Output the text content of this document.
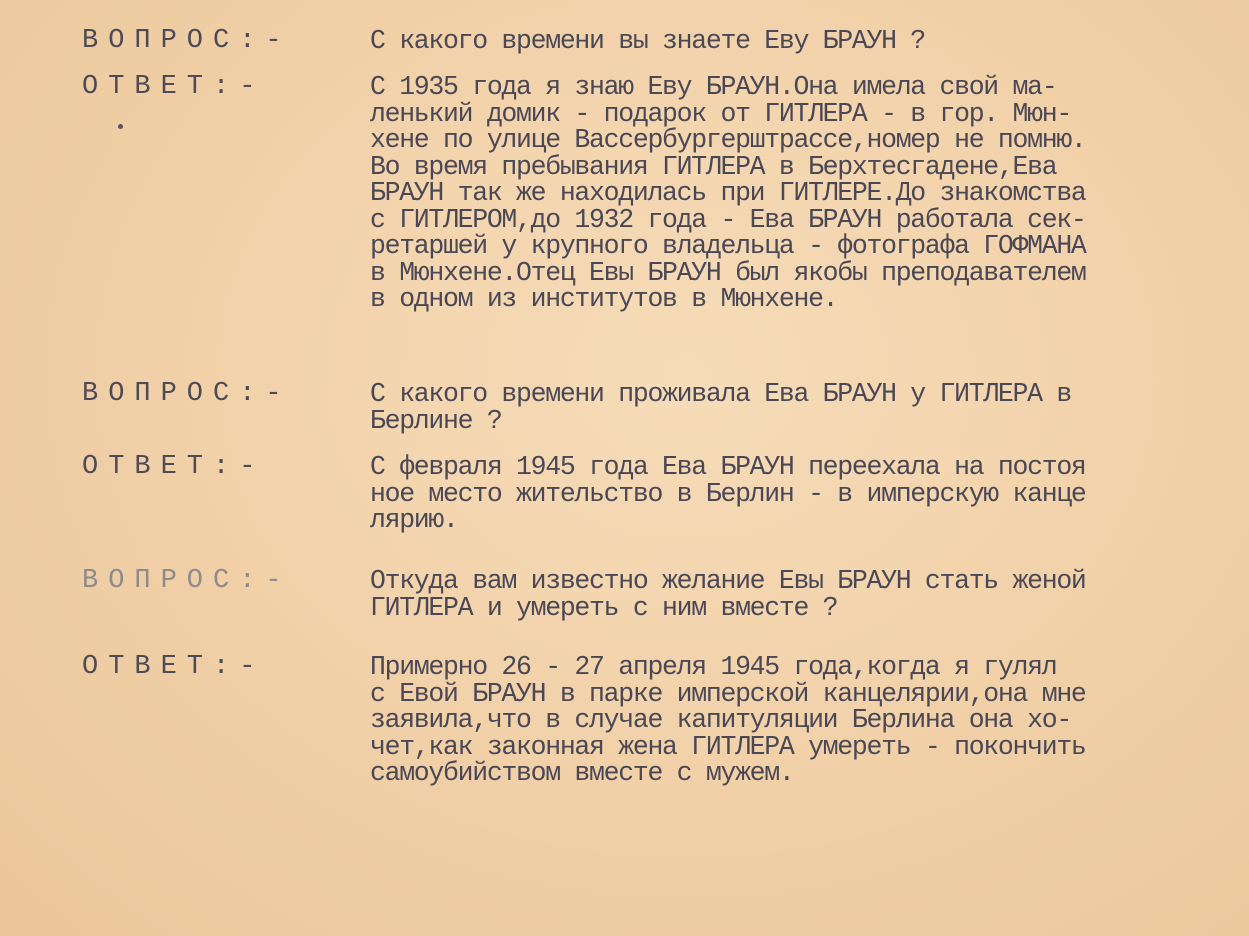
ВОПРОС:-	С какого времени вы знаете Еву БРАУН ?
ОТВЕТ:-	С 1935 года я знаю Еву БРАУН.Она имела свой ма-
ленький домик - подарок от ГИТЛЕРА - в гор. Мюн-
хене по улице Вассербургерштрассе,номер не помню.
Во время пребывания ГИТЛЕРА в Берхтесгадене,Ева
БРАУН так же находилась при ГИТЛЕРЕ.До знакомства
с ГИТЛЕРОМ,до 1932 года - Ева БРАУН работала сек-
ретаршей у крупного владельца - фотографа ГОФМАНА
в Мюнхене.Отец Евы БРАУН был якобы преподавателем
в одном из институтов в Мюнхене.
ВОПРОС:-	С какого времени проживала Ева БРАУН у ГИТЛЕРА в
Берлине ?
ОТВЕТ:-	С февраля 1945 года Ева БРАУН переехала на постоя
ное место жительство в Берлин - в имперскую канце
лярию.
ВОПРОС:-	Откуда вам известно желание Евы БРАУН стать женой
ГИТЛЕРА и умереть с ним вместе ?
ОТВЕТ:-	Примерно 26 - 27 апреля 1945 года,когда я гулял
с Евой БРАУН в парке имперской канцелярии,она мне
заявила,что в случае капитуляции Берлина она хо-
чет,как законная жена ГИТЛЕРА умереть - покончить
самоубийством вместе с мужем.
